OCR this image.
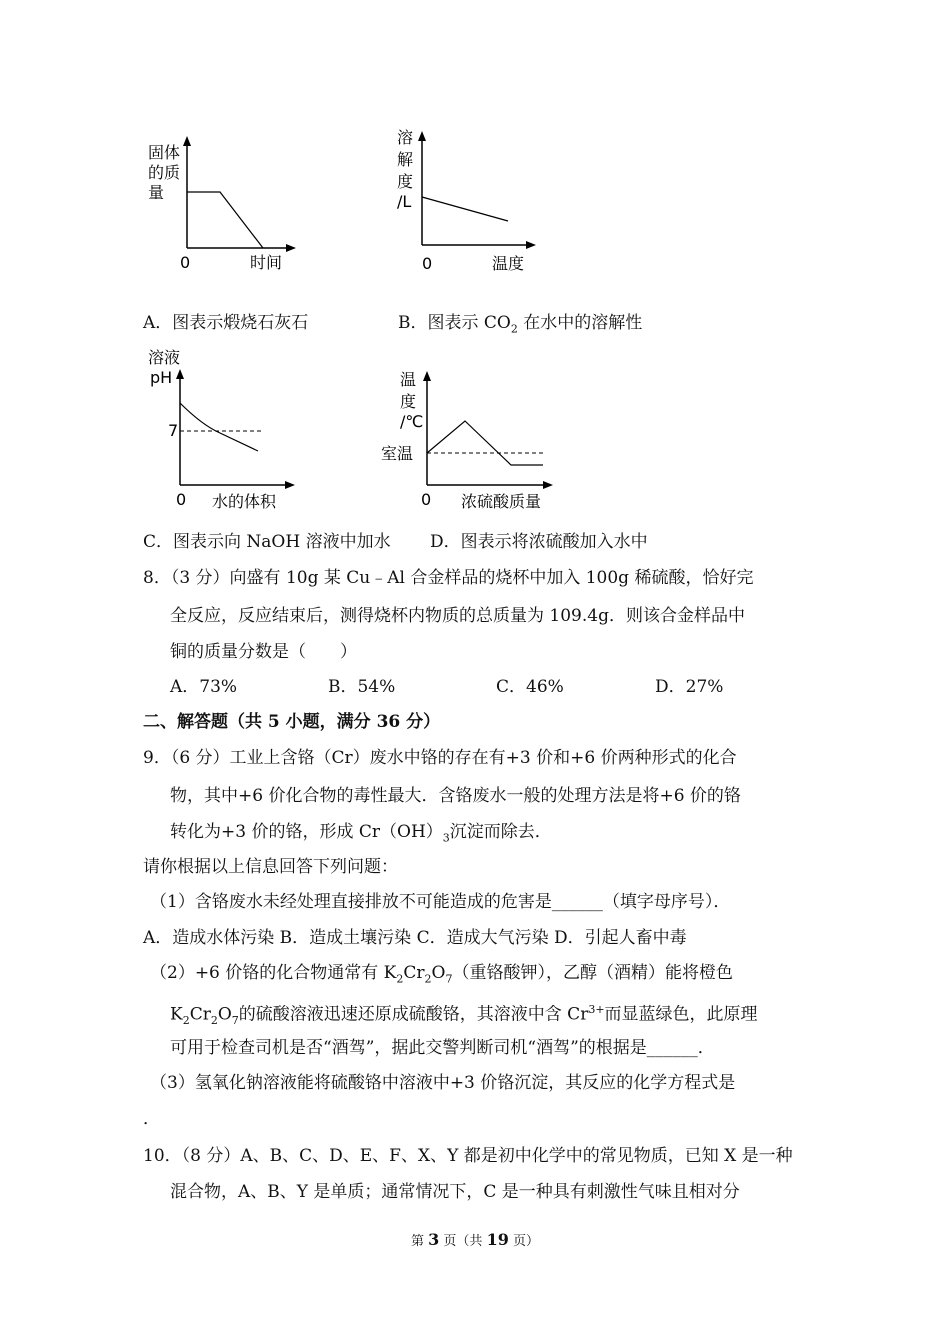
固体
的质
量
0	时间
溶
解
度
/L
0	温度
A．图表示煅烧石灰石	B．图表示 $CO_2$ 在水中的溶解性
溶液
pH
7
0 水的体积
温
度
/℃
室温
0 浓硫酸质量
C．图表示向 NaOH 溶液中加水 D．图表示将浓硫酸加入水中
8．（3 分）向盛有 10g 某 Cu﹣Al 合金样品的烧杯中加入 100g 稀硫酸，恰好完
全反应，反应结束后，测得烧杯内物质的总质量为 109.4g．则该合金样品中
铜的质量分数是（　　）
A．73%	B．54%	C．46%	D．27%
二、解答题（共 5 小题，满分 36 分）
9．（6 分）工业上含铬（Cr）废水中铬的存在有+3 价和+6 价两种形式的化合
物，其中+6 价化合物的毒性最大．含铬废水一般的处理方法是将+6 价的铬
转化为+3 价的铬，形成 $Cr(OH)_3$沉淀而除去．
请你根据以上信息回答下列问题：
（1）含铬废水未经处理直接排放不可能造成的危害是______（填字母序号）．
A．造成水体污染 B．造成土壤污染 C．造成大气污染 D．引起人畜中毒
（2）+6 价铬的化合物通常有 $K_2Cr_2O_7$（重铬酸钾），乙醇（酒精）能将橙色
$K_2Cr_2O_7$的硫酸溶液迅速还原成硫酸铬，其溶液中含 $Cr^{3+}$而显蓝绿色，此原理
可用于检查司机是否“酒驾”，据此交警判断司机“酒驾”的根据是______．
（3）氢氧化钠溶液能将硫酸铬中溶液中+3 价铬沉淀，其反应的化学方程式是
．
10．（8 分）A、B、C、D、E、F、X、Y 都是初中化学中的常见物质，已知 X 是一种
混合物，A、B、Y 是单质；通常情况下，C 是一种具有刺激性气味且相对分
第 3 页（共 19 页）
